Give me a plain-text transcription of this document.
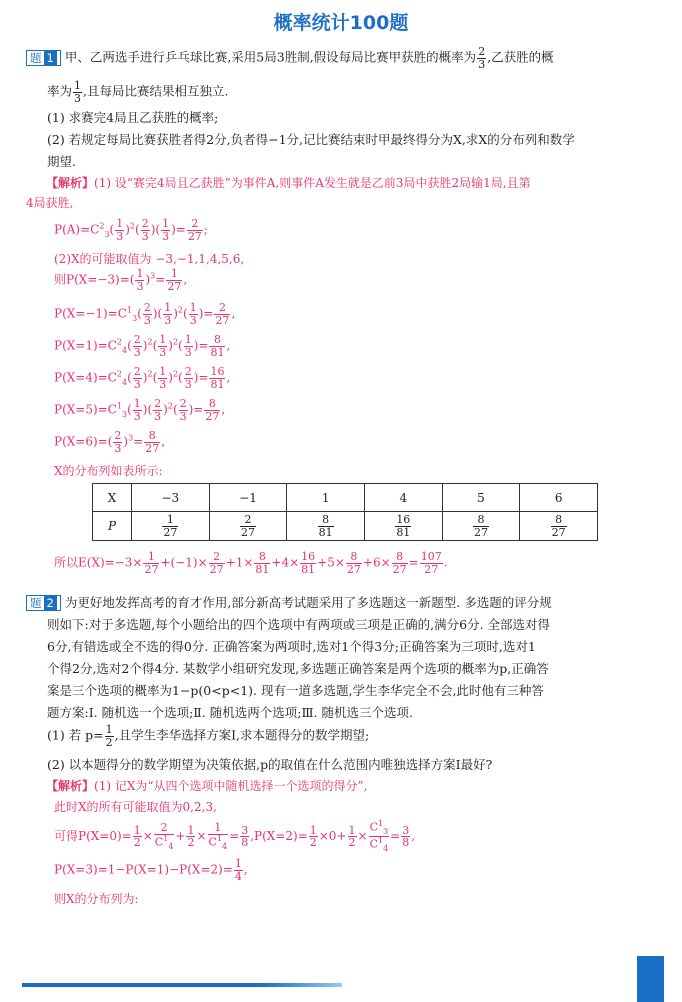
概率统计100题
题 1 甲、乙两选手进行乒乓球比赛,采用5局3胜制,假设每局比赛甲获胜的概率为 $\frac{2}{3}$ ,乙获胜的概
率为 $\frac{1}{3}$ ,且每局比赛结果相互独立.
(1) 求赛完4局且乙获胜的概率;
(2) 若规定每局比赛获胜者得2分,负者得−1分,记比赛结束时甲最终得分为X,求X的分布列和数学
期望.
【解析】(1) 设“赛完4局且乙获胜”为事件A,则事件A发生就是乙前3局中获胜2局输1局,且第
4局获胜,
$P(A)=C^2_3( \frac{1}{3} )^2( \frac{2}{3}$ )( $\frac{1}{3}$ )= $\frac{2}{27}$ ;
(2)X的可能取值为 −3,−1,1,4,5,6,
则$P(X=-3)=( \frac{1}{3} )^3= \frac{1}{27}$ ,
$P(X=-1)=C^1_3( \frac{2}{3}$ )( $\frac{1}{3} )^2( \frac{1}{3}$ )= $\frac{2}{27}$ ,
$P(X=1)=C^2_4( \frac{2}{3} )^2( \frac{1}{3} )^2( \frac{1}{3}$ )= $\frac{8}{81}$ ,
$P(X=4)=C^2_4( \frac{2}{3} )^2( \frac{1}{3} )^2( \frac{2}{3}$ )= $\frac{16}{81}$ ,
$P(X=5)=C^1_3( \frac{1}{3}$ )( $\frac{2}{3} )^2( \frac{2}{3}$ )= $\frac{8}{27}$ ,
$P(X=6)=( \frac{2}{3} )^3= \frac{8}{27}$ ,
X的分布列如表所示:
X	−3	−1	1	4	5	6
P	$\frac{1}{27}$	$\frac{2}{27}$	$\frac{8}{81}$	$\frac{16}{81}$	$\frac{8}{27}$	$\frac{8}{27}$
所以$E(X)=-3\times \frac{1}{27} +(-1)\times \frac{2}{27} +1\times \frac{8}{81} +4\times \frac{16}{81} +5\times \frac{8}{27} +6\times \frac{8}{27} = \frac{107}{27}$ .
题 2 为更好地发挥高考的育才作用,部分新高考试题采用了多选题这一新题型. 多选题的评分规
则如下:对于多选题,每个小题给出的四个选项中有两项或三项是正确的,满分6分. 全部选对得
6分,有错选或全不选的得0分. 正确答案为两项时,选对1个得3分;正确答案为三项时,选对1
个得2分,选对2个得4分. 某数学小组研究发现,多选题正确答案是两个选项的概率为p,正确答
案是三个选项的概率为1−p(0<p<1). 现有一道多选题,学生李华完全不会,此时他有三种答
题方案:Ⅰ. 随机选一个选项;Ⅱ. 随机选两个选项;Ⅲ. 随机选三个选项.
(1) 若 $p= \frac{1}{2}$ ,且学生李华选择方案Ⅰ,求本题得分的数学期望;
(2) 以本题得分的数学期望为决策依据,p的取值在什么范围内唯独选择方案Ⅰ最好?
【解析】(1) 记X为“从四个选项中随机选择一个选项的得分”,
此时X的所有可能取值为0,2,3,
可得$P(X=0)= \frac{1}{2} \times \frac{2}{C^1_4} + \frac{1}{2} \times \frac{1}{C^1_4} = \frac{3}{8} ,P(X=2)= \frac{1}{2} \times 0+ \frac{1}{2} \times \frac{C^1_3}{C^1_4} = \frac{3}{8}$ ,
$P(X=3)=1-P(X=1)-P(X=2)= \frac{1}{4}$ ,
则X的分布列为:
